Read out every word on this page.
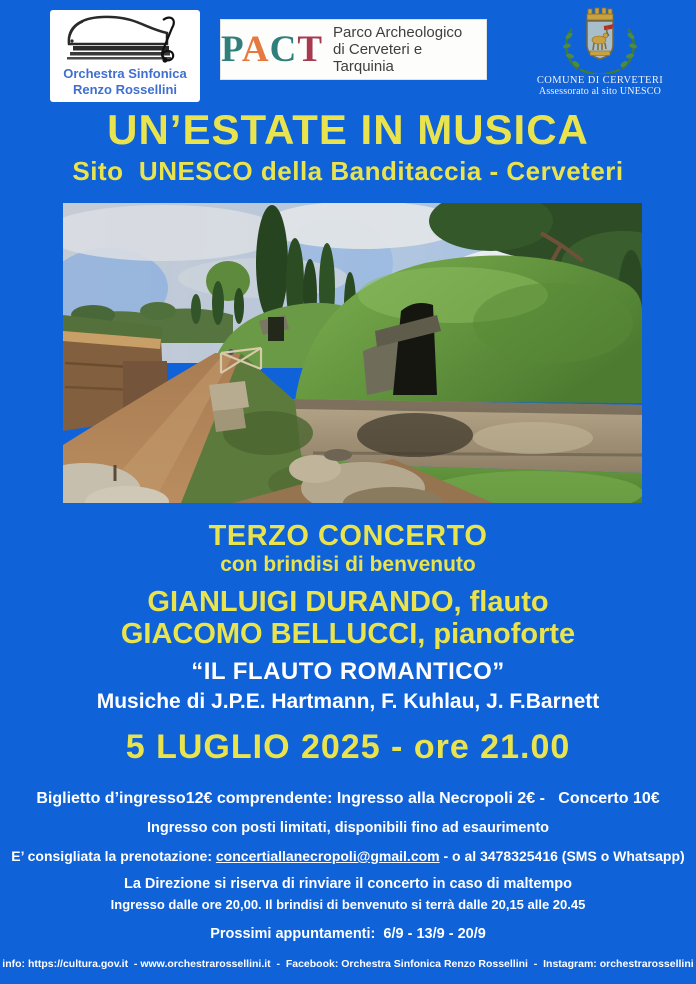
Orchestra Sinfonica
Renzo Rossellini
PACT Parco Archeologico
di Cerveteri e Tarquinia
COMUNE DI CERVETERI
Assessorato al sito UNESCO
UN’ESTATE IN MUSICA
Sito  UNESCO della Banditaccia - Cerveteri
TERZO CONCERTO
con brindisi di benvenuto
GIANLUIGI DURANDO, flauto
GIACOMO BELLUCCI, pianoforte
“IL FLAUTO ROMANTICO”
Musiche di J.P.E. Hartmann, F. Kuhlau, J. F.Barnett
5 LUGLIO 2025 - ore 21.00
Biglietto d’ingresso12€ comprendente: Ingresso alla Necropoli 2€ -   Concerto 10€
Ingresso con posti limitati, disponibili fino ad esaurimento
E’ consigliata la prenotazione: concertiallanecropoli@gmail.com - o al 3478325416 (SMS o Whatsapp)
La Direzione si riserva di rinviare il concerto in caso di maltempo
Ingresso dalle ore 20,00. Il brindisi di benvenuto si terrà dalle 20,15 alle 20.45
Prossimi appuntamenti:  6/9 - 13/9 - 20/9
info: https://cultura.gov.it  - www.orchestrarossellini.it  -  Facebook: Orchestra Sinfonica Renzo Rossellini  -  Instagram: orchestrarossellini
